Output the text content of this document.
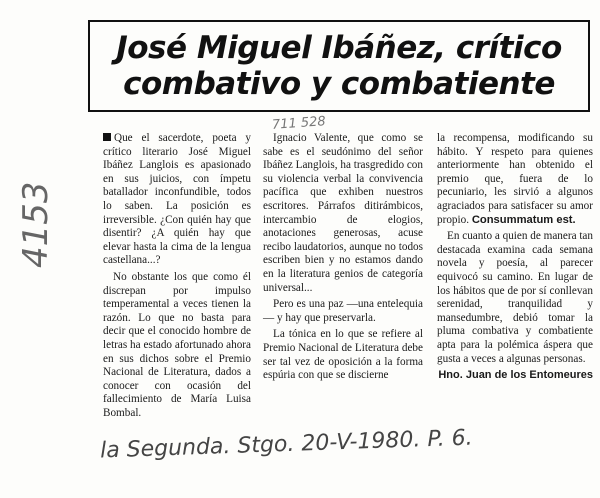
José Miguel Ibáñez, crítico
combativo y combatiente
711 528
4153

Que el sacerdote, poeta y crítico literario José Miguel Ibáñez Langlois es apasionado en sus juicios, con ímpetu batallador inconfundible, todos lo saben. La posición es irreversible. ¿Con quién hay que disentir? ¿A quién hay que elevar hasta la cima de la lengua castellana...?

No obstante los que como él discrepan por impulso temperamental a veces tienen la razón. Lo que no basta para decir que el conocido hombre de letras ha estado afortunado ahora en sus dichos sobre el Premio Nacional de Literatura, dados a conocer con ocasión del fallecimiento de María Luisa Bombal.

Ignacio Valente, que como se sabe es el seudónimo del señor Ibáñez Langlois, ha trasgredido con su violencia verbal la convivencia pacífica que exhiben nuestros escritores. Párrafos ditirámbicos, intercambio de elogios, anotaciones generosas, acuse recibo laudatorios, aunque no todos escriben bien y no estamos dando en la literatura genios de categoría universal...

Pero es una paz —una entelequia— y hay que preservarla.

La tónica en lo que se refiere al Premio Nacional de Literatura debe ser tal vez de oposición a la forma espúria con que se discierne

la recompensa, modificando su hábito. Y respeto para quienes anteriormente han obtenido el premio que, fuera de lo pecuniario, les sirvió a algunos agraciados para satisfacer su amor propio. Consummatum est.

En cuanto a quien de manera tan destacada examina cada semana novela y poesía, al parecer equivocó su camino. En lugar de los hábitos que de por sí conllevan serenidad, tranquilidad y mansedumbre, debió tomar la pluma combativa y combatiente apta para la polémica áspera que gusta a veces a algunas personas.

Hno. Juan de los Entomeures
la Segunda. Stgo. 20-V-1980. P. 6.
